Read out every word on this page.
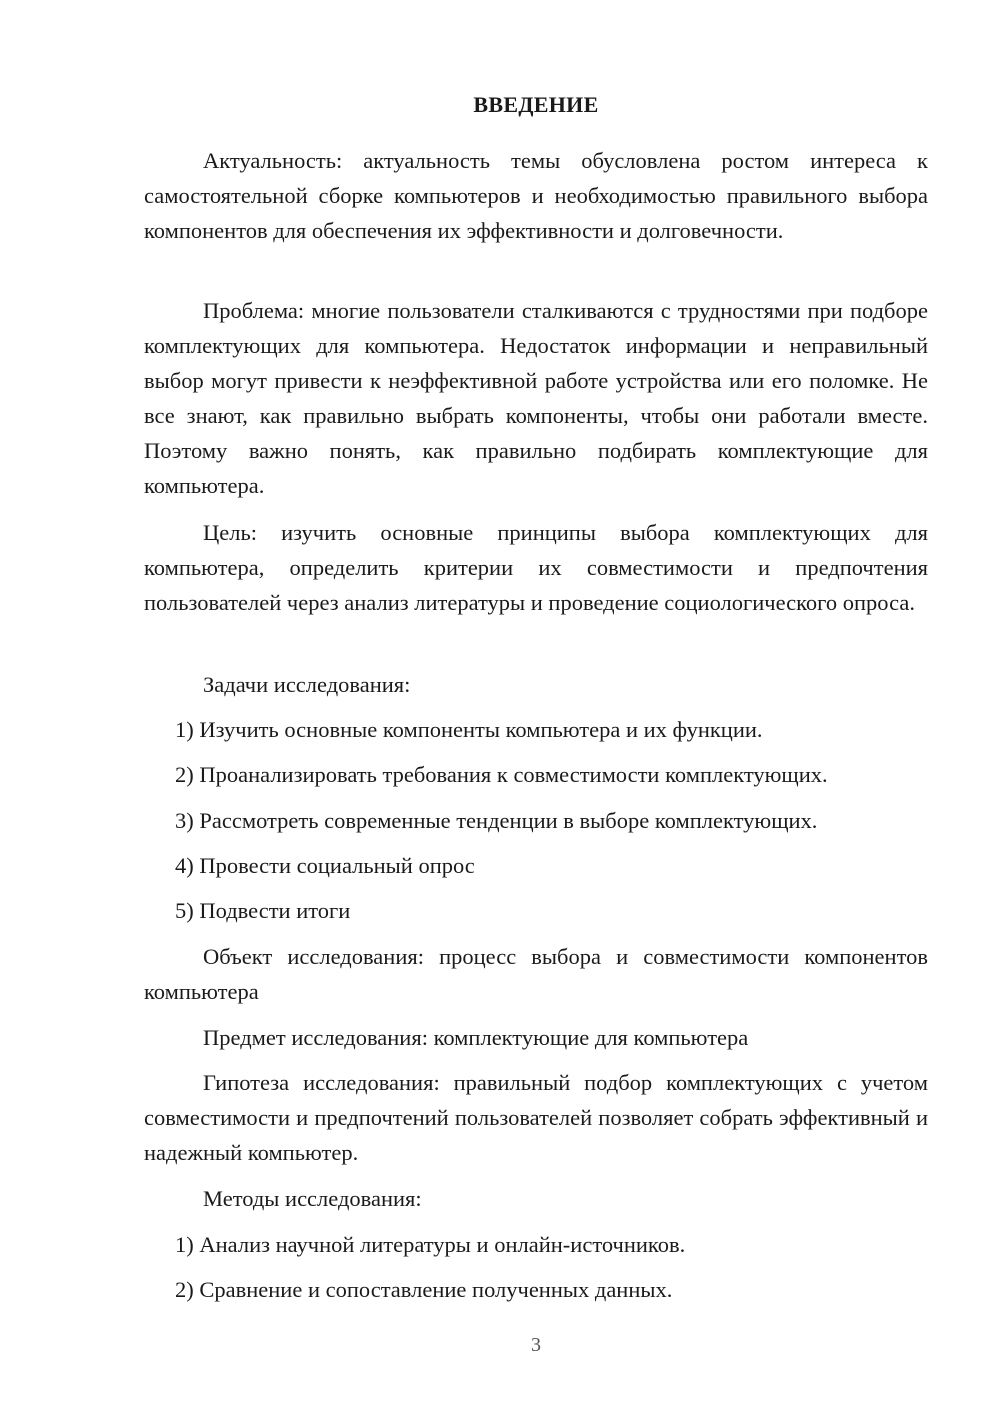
ВВЕДЕНИЕ

Актуальность: актуальность темы обусловлена ростом интереса к самостоятельной сборке компьютеров и необходимостью правильного выбора компонентов для обеспечения их эффективности и долговечности.

Проблема: многие пользователи сталкиваются с трудностями при подборе комплектующих для компьютера. Недостаток информации и неправильный выбор могут привести к неэффективной работе устройства или его поломке. Не все знают, как правильно выбрать компоненты, чтобы они работали вместе. Поэтому важно понять, как правильно подбирать комплектующие для компьютера.

Цель: изучить основные принципы выбора комплектующих для компьютера, определить критерии их совместимости и предпочтения пользователей через анализ литературы и проведение социологического опроса.

Задачи исследования:

1) Изучить основные компоненты компьютера и их функции.

2) Проанализировать требования к совместимости комплектующих.

3) Рассмотреть современные тенденции в выборе комплектующих.

4) Провести социальный опрос

5) Подвести итоги

Объект исследования: процесс выбора и совместимости компонентов компьютера

Предмет исследования: комплектующие для компьютера

Гипотеза исследования: правильный подбор комплектующих с учетом совместимости и предпочтений пользователей позволяет собрать эффективный и надежный компьютер.

Методы исследования:

1) Анализ научной литературы и онлайн-источников.

2) Сравнение и сопоставление полученных данных.

3
